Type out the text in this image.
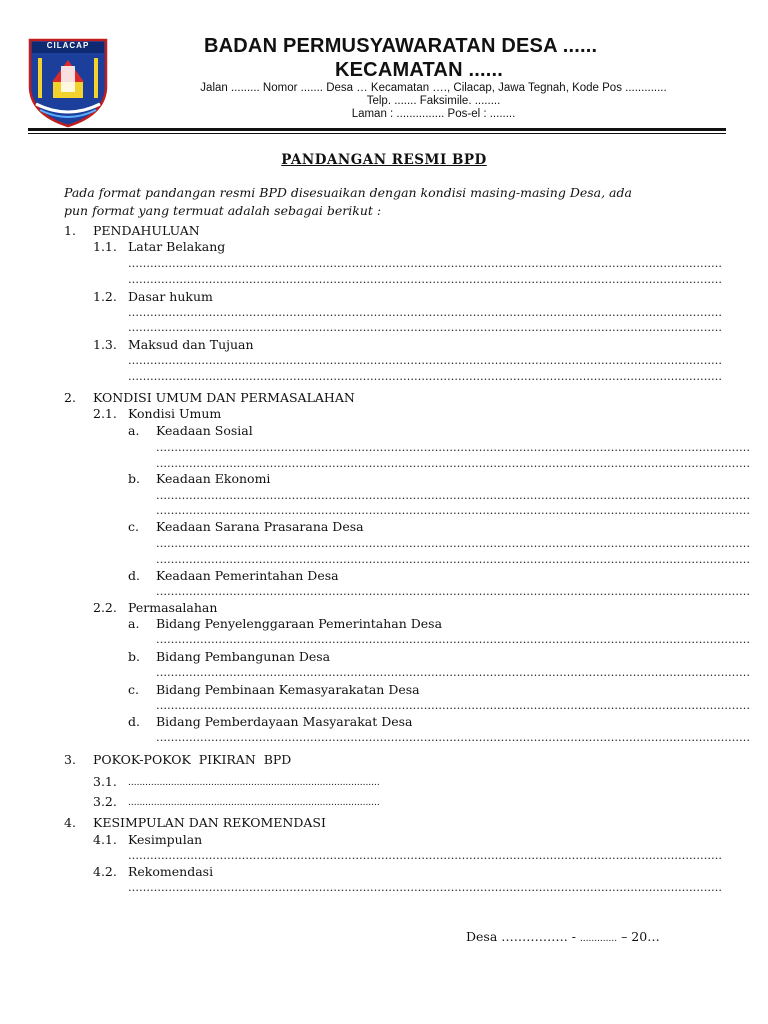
CILACAP	BADAN PERMUSYAWARATAN DESA ......
KECAMATAN ......
Jalan ......... Nomor ....... Desa … Kecamatan …., Cilacap, Jawa Tegnah, Kode Pos .............
Telp. ....... Faksimile. ........
Laman : ............... Pos-el : ........
PANDANGAN RESMI BPD
Pada format pandangan resmi BPD disesuaikan dengan kondisi masing-masing Desa, ada
pun format yang termuat adalah sebagai berikut :
1. PENDAHULUAN
1.1. Latar Belakang
………………………………………………………………………………………………………………………………………………
………………………………………………………………………………………………………………………………………………
1.2. Dasar hukum
………………………………………………………………………………………………………………………………………………
………………………………………………………………………………………………………………………………………………
1.3. Maksud dan Tujuan
………………………………………………………………………………………………………………………………………………
………………………………………………………………………………………………………………………………………………
2. KONDISI UMUM DAN PERMASALAHAN
2.1. Kondisi Umum
a. Keadaan Sosial
………………………………………………………………………………………………………………………………………………
………………………………………………………………………………………………………………………………………………
b. Keadaan Ekonomi
………………………………………………………………………………………………………………………………………………
………………………………………………………………………………………………………………………………………………
c. Keadaan Sarana Prasarana Desa
………………………………………………………………………………………………………………………………………………
………………………………………………………………………………………………………………………………………………
d. Keadaan Pemerintahan Desa
………………………………………………………………………………………………………………………………………………
2.2. Permasalahan
a. Bidang Penyelenggaraan Pemerintahan Desa
………………………………………………………………………………………………………………………………………………
b. Bidang Pembangunan Desa
………………………………………………………………………………………………………………………………………………
c. Bidang Pembinaan Kemasyarakatan Desa
………………………………………………………………………………………………………………………………………………
d. Bidang Pemberdayaan Masyarakat Desa
………………………………………………………………………………………………………………………………………………
3. POKOK-POKOK  PIKIRAN  BPD
3.1. ........................................................................................
3.2. ........................................................................................
4. KESIMPULAN DAN REKOMENDASI
4.1. Kesimpulan
………………………………………………………………………………………………………………………………………………
4.2. Rekomendasi
………………………………………………………………………………………………………………………………………………
Desa ……………. - ............. – 20…
